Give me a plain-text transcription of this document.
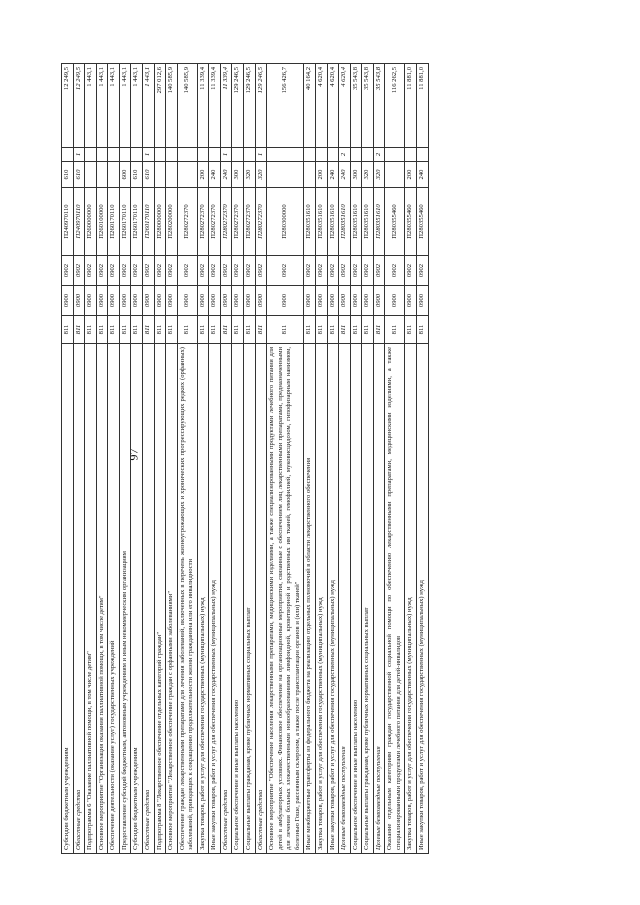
97
Субсидии бюджетным учреждениям	811	0900	0902	П240970110	610		12 249,5
Областные средства	811	0900	0902	П240970110	610	1	12 249,5
Подпрограмма 6 "Оказание паллиативной помощи, в том числе детям"	811	0900	0902	П260000000			1 443,1
Основное мероприятие "Организация оказания паллиативной помощи, в том числе детям"	811	0900	0902	П260100000			1 443,1
Обеспечение деятельности (оказание услуг) государственных учреждений	811	0900	0902	П260170110			1 443,1
Предоставление субсидий бюджетным, автономным учреждениям и иным некоммерческим организациям	811	0900	0902	П260170110	600		1 443,1
Субсидии бюджетным учреждениям	811	0900	0902	П260170110	610		1 443,1
Областные средства	811	0900	0902	П260170110	610	1	1 443,1
Подпрограмма 8 "Лекарственное обеспечение отдельных категорий граждан"	811	0900	0902	П280000000			297 012,6
Основное мероприятие "Лекарственное обеспечение граждан с орфанными заболеваниями"	811	0900	0902	П280200000			140 585,9
Обеспечение граждан лекарственными препаратами для лечения заболеваний, включенных в перечень жизнеугрожающих и хронических прогрессирующих редких (орфанных) заболеваний, приводящих к сокращению продолжительности жизни гражданина или его инвалидности	811	0900	0902	П280272370			140 585,9
Закупка товаров, работ и услуг для обеспечения государственных (муниципальных) нужд	811	0900	0902	П280272370	200		11 339,4
Иные закупки товаров, работ и услуг для обеспечения государственных (муниципальных) нужд	811	0900	0902	П280272370	240		11 339,4
Областные средства	811	0900	0902	П280272370	240	1	11 339,4
Социальное обеспечение и иные выплаты населению	811	0900	0902	П280272370	300		129 246,5
Социальные выплаты гражданам, кроме публичных нормативных социальных выплат	811	0900	0902	П280272370	320		129 246,5
Областные средства	811	0900	0902	П280272370	320	1	129 246,5
Основное мероприятие "Обеспечение населения лекарственными препаратами, медицинскими изделиями, а также специализированными продуктами лечебного питания для детей в амбулаторных условиях. Финансовое обеспечение на организационные мероприятия, связанные с обеспечением лиц лекарственными препаратами, предназначенными для лечения больных злокачественными новообразованиями лимфоидной, кроветворной и родственных им тканей, гемофилией, муковисцидозом, гипофизарным нанизмом, болезнью Гоше, рассеянным склерозом, а также после трансплантации органов и (или) тканей"	811	0900	0902	П280300000			156 426,7
Иные межбюджетные трансферты из федерального бюджета на реализацию отдельных полномочий в области лекарственного обеспечения	811	0900	0902	П280351610			40 164,2
Закупка товаров, работ и услуг для обеспечения государственных (муниципальных) нужд	811	0900	0902	П280351610	200		4 620,4
Иные закупки товаров, работ и услуг для обеспечения государственных (муниципальных) нужд	811	0900	0902	П280351610	240		4 620,4
Целевые безвозмездные поступления	811	0900	0902	П280351610	240	2	4 620,4
Социальное обеспечение и иные выплаты населению	811	0900	0902	П280351610	300		35 543,8
Социальные выплаты гражданам, кроме публичных нормативных социальных выплат	811	0900	0902	П280351610	320		35 543,8
Целевые безвозмездные поступления	811	0900	0902	П280351610	320	2	35 543,8
Оказание отдельным категориям граждан государственной социальной помощи по обеспечению лекарственными препаратами, медицинскими изделиями, а также специализированными продуктами лечебного питания для детей-инвалидов	811	0900	0902	П280355460			116 262,5
Закупка товаров, работ и услуг для обеспечения государственных (муниципальных) нужд	811	0900	0902	П280355460	200		11 881,0
Иные закупки товаров, работ и услуг для обеспечения государственных (муниципальных) нужд	811	0900	0902	П280355460	240		11 881,0
